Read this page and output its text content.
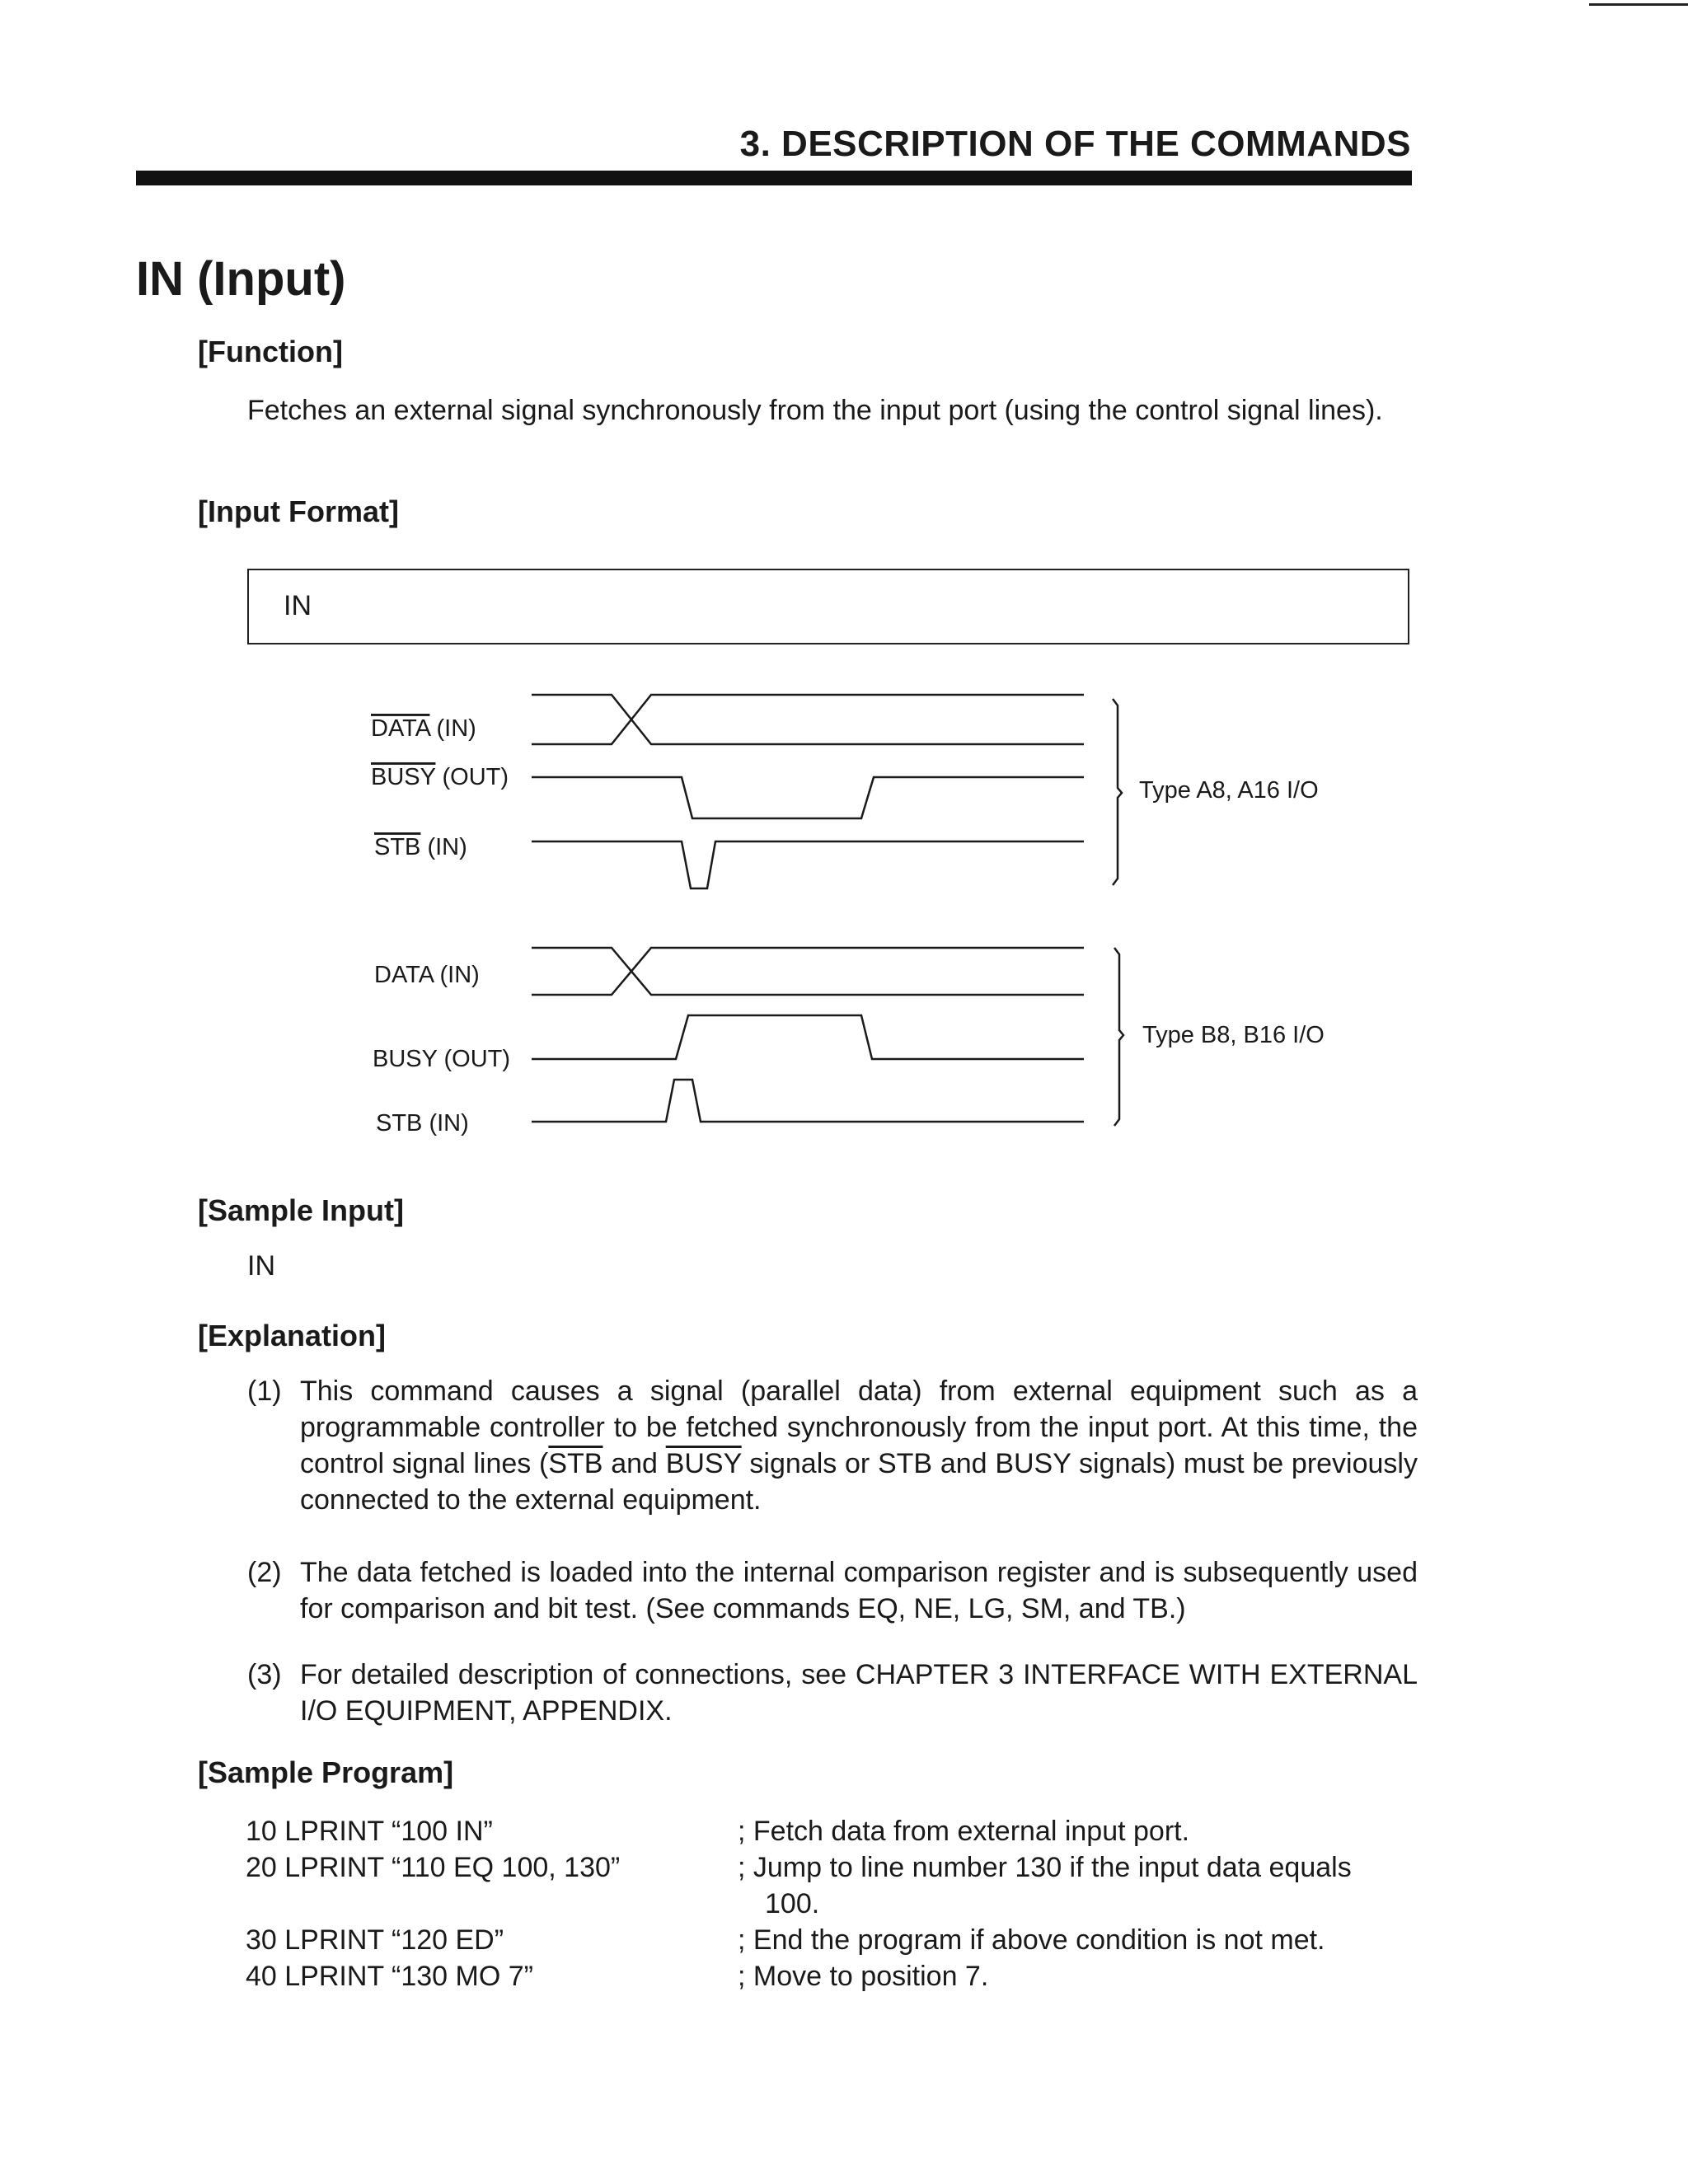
3. DESCRIPTION OF THE COMMANDS
IN (Input)
[Function]
Fetches an external signal synchronously from the input port (using the control signal lines).
[Input Format]
IN
DATA (IN)
BUSY (OUT)
STB (IN)
Type A8, A16 I/O
DATA (IN)
BUSY (OUT)
STB (IN)
Type B8, B16 I/O
[Sample Input]
IN
[Explanation]
(1) This command causes a signal (parallel data) from external equipment such as a programmable controller to be fetched synchronously from the input port. At this time, the control signal lines ($\overline{STB}$ and BUSY signals or STB and BUSY signals) must be previously connected to the external equipment.
(2) The data fetched is loaded into the internal comparison register and is subsequently used for comparison and bit test. (See commands EQ, NE, LG, SM, and TB.)
(3) For detailed description of connections, see CHAPTER 3 INTERFACE WITH EXTERNAL I/O EQUIPMENT, APPENDIX.
[Sample Program]
10 LPRINT “100 IN”	; Fetch data from external input port.
20 LPRINT “110 EQ 100, 130”	; Jump to line number 130 if the input data equals
100.
30 LPRINT “120 ED”	; End the program if above condition is not met.
40 LPRINT “130 MO 7”	; Move to position 7.
